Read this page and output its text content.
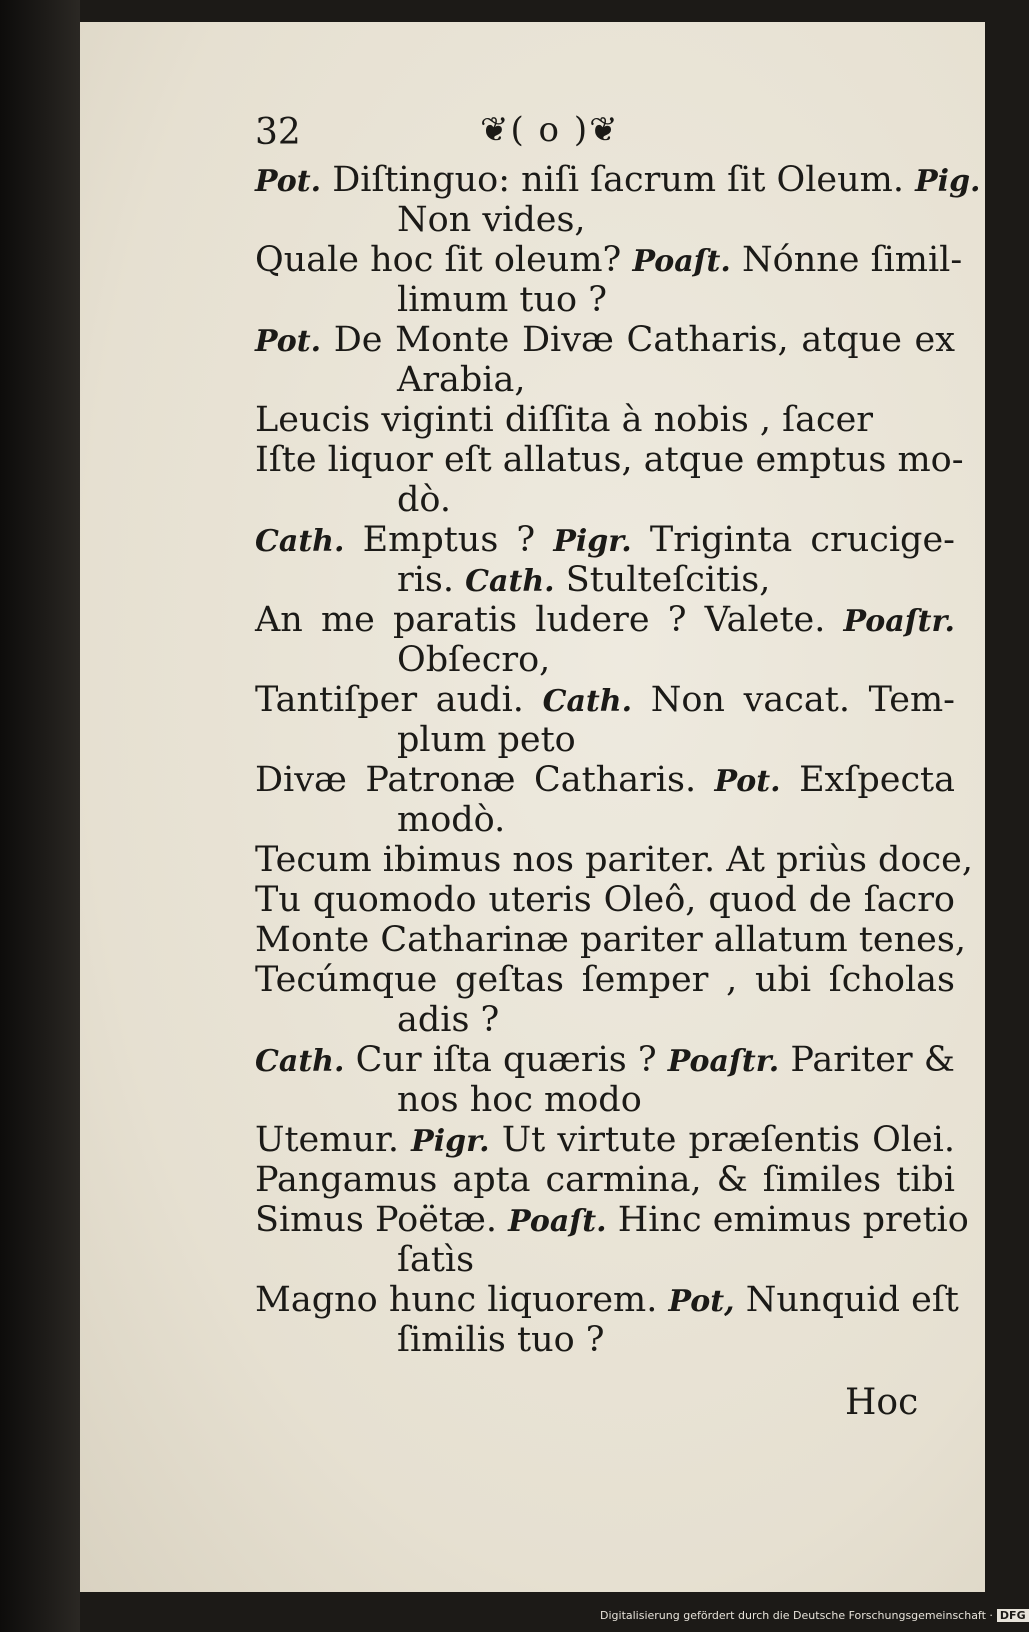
32	❦( o )❦
Pot. Diſtinguo: niſi ſacrum ſit Oleum. Pig.
Non vides,
Quale hoc ſit oleum? Poaſt. Nónne ſimil-
limum tuo ?
Pot. De Monte Divæ Catharis, atque ex
Arabia,
Leucis viginti diſſita à nobis , ſacer
Iſte liquor eſt allatus, atque emptus mo-
dò.
Cath. Emptus ? Pigr. Triginta crucige-
ris. Cath. Stulteſcitis,
An me paratis ludere ? Valete. Poaſtr.
Obſecro,
Tantiſper audi. Cath. Non vacat. Tem-
plum peto
Divæ Patronæ Catharis. Pot. Exſpecta
modò.
Tecum ibimus nos pariter. At priùs doce,
Tu quomodo uteris Oleô, quod de ſacro
Monte Catharinæ pariter allatum tenes,
Tecúmque geſtas ſemper , ubi ſcholas
adis ?
Cath. Cur iſta quæris ? Poaſtr. Pariter &
nos hoc modo
Utemur. Pigr. Ut virtute præſentis Olei.
Pangamus apta carmina, & ſimiles tibi
Simus Poëtæ. Poaſt. Hinc emimus pretio
ſatìs
Magno hunc liquorem. Pot, Nunquid eſt
ſimilis tuo ?
Hoc
Digitalisierung gefördert durch die Deutsche Forschungsgemeinschaft · DFG
